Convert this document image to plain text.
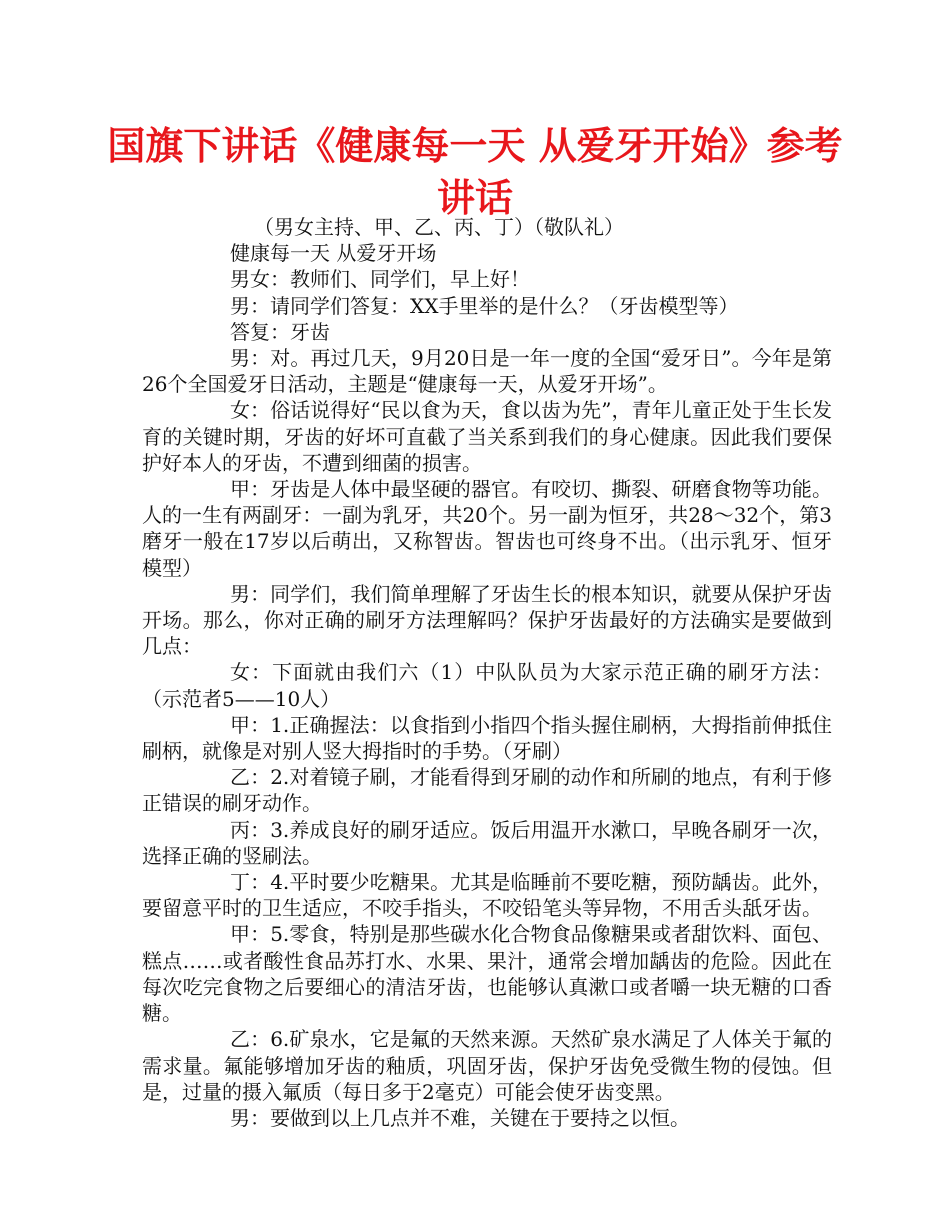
国旗下讲话《健康每一天 从爱牙开始》参考讲话

（男女主持、甲、乙、丙、丁）（敬队礼）

健康每一天 从爱牙开场

男女：教师们、同学们，早上好！

男：请同学们答复：XX手里举的是什么？（牙齿模型等）

答复：牙齿

男：对。再过几天，9月20日是一年一度的全国“爱牙日”。今年是第26个全国爱牙日活动，主题是“健康每一天，从爱牙开场”。

女：俗话说得好“民以食为天，食以齿为先”，青年儿童正处于生长发育的关键时期，牙齿的好坏可直截了当关系到我们的身心健康。因此我们要保护好本人的牙齿，不遭到细菌的损害。

甲：牙齿是人体中最坚硬的器官。有咬切、撕裂、研磨食物等功能。人的一生有两副牙：一副为乳牙，共20个。另一副为恒牙，共28～32个，第3磨牙一般在17岁以后萌出，又称智齿。智齿也可终身不出。（出示乳牙、恒牙模型）

男：同学们，我们简单理解了牙齿生长的根本知识，就要从保护牙齿开场。那么，你对正确的刷牙方法理解吗？保护牙齿最好的方法确实是要做到几点：

女：下面就由我们六（1）中队队员为大家示范正确的刷牙方法：（示范者5——10人）

甲：1.正确握法：以食指到小指四个指头握住刷柄，大拇指前伸抵住刷柄，就像是对别人竖大拇指时的手势。（牙刷）

乙：2.对着镜子刷，才能看得到牙刷的动作和所刷的地点，有利于修正错误的刷牙动作。

丙：3.养成良好的刷牙适应。饭后用温开水漱口，早晚各刷牙一次，选择正确的竖刷法。

丁：4.平时要少吃糖果。尤其是临睡前不要吃糖，预防龋齿。此外，要留意平时的卫生适应，不咬手指头，不咬铅笔头等异物，不用舌头舐牙齿。

甲：5.零食，特别是那些碳水化合物食品像糖果或者甜饮料、面包、糕点……或者酸性食品苏打水、水果、果汁，通常会增加龋齿的危险。因此在每次吃完食物之后要细心的清洁牙齿，也能够认真漱口或者嚼一块无糖的口香糖。

乙：6.矿泉水，它是氟的天然来源。天然矿泉水满足了人体关于氟的需求量。氟能够增加牙齿的釉质，巩固牙齿，保护牙齿免受微生物的侵蚀。但是，过量的摄入氟质（每日多于2毫克）可能会使牙齿变黑。

男：要做到以上几点并不难，关键在于要持之以恒。
